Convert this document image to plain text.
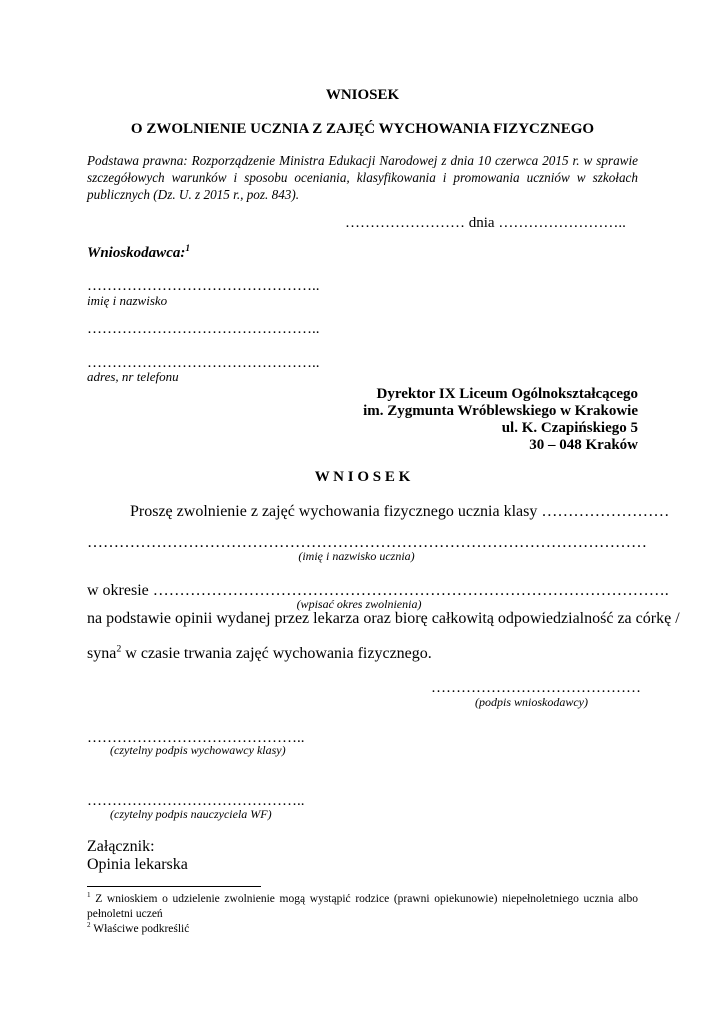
WNIOSEK
O ZWOLNIENIE UCZNIA Z ZAJĘĆ WYCHOWANIA FIZYCZNEGO
Podstawa prawna: Rozporządzenie Ministra Edukacji Narodowej z dnia 10 czerwca 2015 r. w sprawie szczegółowych warunków i sposobu oceniania, klasyfikowania i promowania uczniów w szkołach publicznych (Dz. U. z 2015 r., poz. 843).
…………………… dnia ……………………..
Wnioskodawca:$^1$
………………………………………..
imię i nazwisko
………………………………………..
………………………………………..
adres, nr telefonu
Dyrektor IX Liceum Ogólnokształcącego
im. Zygmunta Wróblewskiego w Krakowie
ul. K. Czapińskiego 5
30 – 048 Kraków
W N I O S E K
Proszę zwolnienie z zajęć wychowania fizycznego ucznia klasy ……………………
……………………………………………………………………………………………
(imię i nazwisko ucznia)
w okresie …………………………………………………………………………………….
(wpisać okres zwolnienia)
na podstawie opinii wydanej przez lekarza oraz biorę całkowitą odpowiedzialność za córkę /
syna$^2$ w czasie trwania zajęć wychowania fizycznego.
……………………………………
(podpis wnioskodawcy)
……………………………………..
(czytelny podpis wychowawcy klasy)
……………………………………..
(czytelny podpis nauczyciela WF)
Załącznik:
Opinia lekarska
$^1$ Z wnioskiem o udzielenie zwolnienie mogą wystąpić rodzice (prawni opiekunowie) niepełnoletniego ucznia albo pełnoletni uczeń
$^2$ Właściwe podkreślić
